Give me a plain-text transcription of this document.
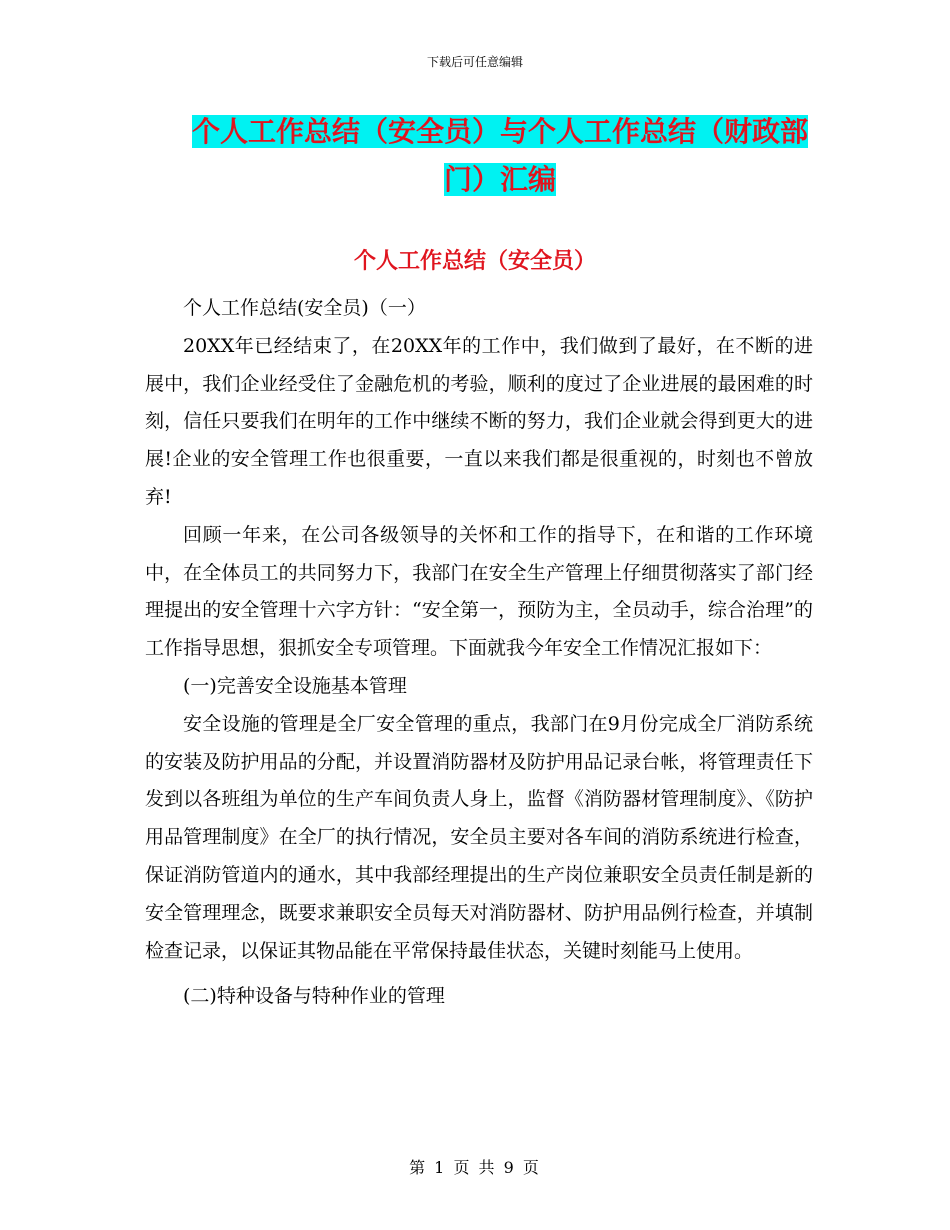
下载后可任意编辑
个人工作总结（安全员）与个人工作总结（财政部
门）汇编
个人工作总结（安全员）

个人工作总结(安全员)（一）

20XX年已经结束了，在20XX年的工作中，我们做到了最好，在不断的进展中，我们企业经受住了金融危机的考验，顺利的度过了企业进展的最困难的时刻，信任只要我们在明年的工作中继续不断的努力，我们企业就会得到更大的进展!企业的安全管理工作也很重要，一直以来我们都是很重视的，时刻也不曾放弃!

回顾一年来，在公司各级领导的关怀和工作的指导下，在和谐的工作环境中，在全体员工的共同努力下，我部门在安全生产管理上仔细贯彻落实了部门经理提出的安全管理十六字方针：“安全第一，预防为主，全员动手，综合治理”的工作指导思想，狠抓安全专项管理。下面就我今年安全工作情况汇报如下：

(一)完善安全设施基本管理

安全设施的管理是全厂安全管理的重点，我部门在9月份完成全厂消防系统的安装及防护用品的分配，并设置消防器材及防护用品记录台帐，将管理责任下发到以各班组为单位的生产车间负责人身上，监督《消防器材管理制度》、《防护用品管理制度》在全厂的执行情况，安全员主要对各车间的消防系统进行检查，保证消防管道内的通水，其中我部经理提出的生产岗位兼职安全员责任制是新的安全管理理念，既要求兼职安全员每天对消防器材、防护用品例行检查，并填制检查记录，以保证其物品能在平常保持最佳状态，关键时刻能马上使用。

(二)特种设备与特种作业的管理

第 1 页 共 9 页
